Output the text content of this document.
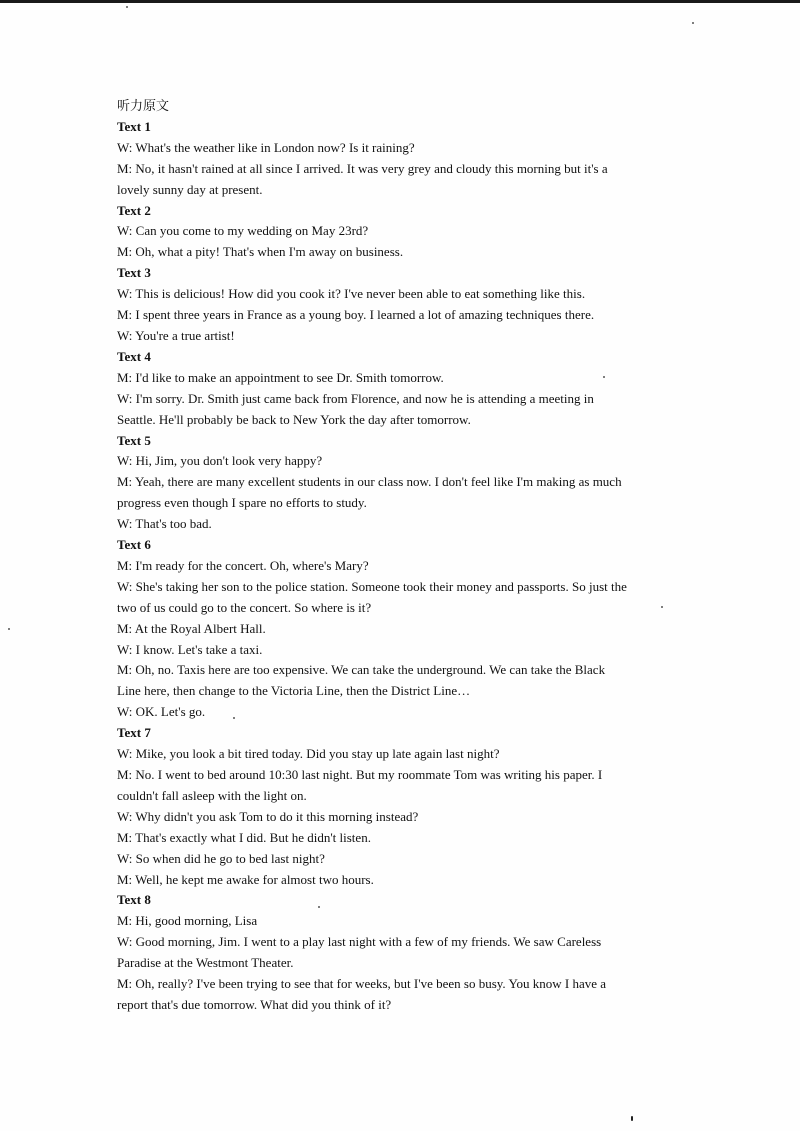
听力原文

Text 1

W: What's the weather like in London now? Is it raining?

M: No, it hasn't rained at all since I arrived. It was very grey and cloudy this morning but it's a

lovely sunny day at present.

Text 2

W: Can you come to my wedding on May 23rd?

M: Oh, what a pity! That's when I'm away on business.

Text 3

W: This is delicious! How did you cook it? I've never been able to eat something like this.

M: I spent three years in France as a young boy. I learned a lot of amazing techniques there.

W: You're a true artist!

Text 4

M: I'd like to make an appointment to see Dr. Smith tomorrow.

W: I'm sorry. Dr. Smith just came back from Florence, and now he is attending a meeting in

Seattle. He'll probably be back to New York the day after tomorrow.

Text 5

W: Hi, Jim, you don't look very happy?

M: Yeah, there are many excellent students in our class now. I don't feel like I'm making as much

progress even though I spare no efforts to study.

W: That's too bad.

Text 6

M: I'm ready for the concert. Oh, where's Mary?

W: She's taking her son to the police station. Someone took their money and passports. So just the

two of us could go to the concert. So where is it?

M: At the Royal Albert Hall.

W: I know. Let's take a taxi.

M: Oh, no. Taxis here are too expensive. We can take the underground. We can take the Black

Line here, then change to the Victoria Line, then the District Line…

W: OK. Let's go.

Text 7

W: Mike, you look a bit tired today. Did you stay up late again last night?

M: No. I went to bed around 10:30 last night. But my roommate Tom was writing his paper. I

couldn't fall asleep with the light on.

W: Why didn't you ask Tom to do it this morning instead?

M: That's exactly what I did. But he didn't listen.

W: So when did he go to bed last night?

M: Well, he kept me awake for almost two hours.

Text 8

M: Hi, good morning, Lisa

W: Good morning, Jim. I went to a play last night with a few of my friends. We saw Careless

Paradise at the Westmont Theater.

M: Oh, really? I've been trying to see that for weeks, but I've been so busy. You know I have a

report that's due tomorrow. What did you think of it?
